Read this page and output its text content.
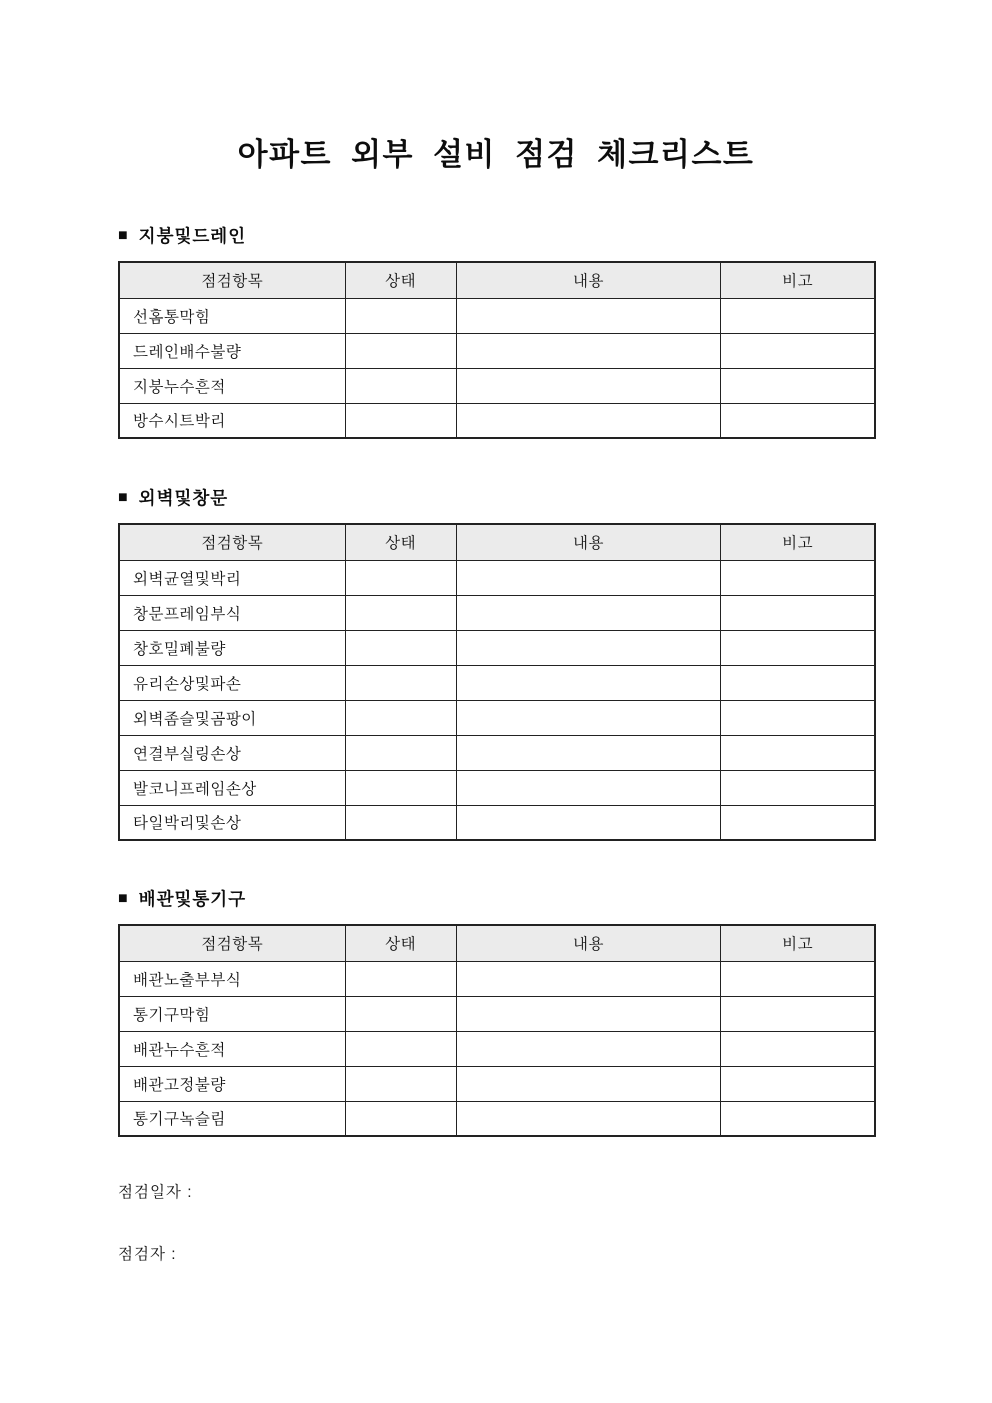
아파트 외부 설비 점검 체크리스트
■ 지붕및드레인
점검항목	상태	내용	비고
선홈통막힘			
드레인배수불량			
지붕누수흔적			
방수시트박리			
■ 외벽및창문
점검항목	상태	내용	비고
외벽균열및박리			
창문프레임부식			
창호밀폐불량			
유리손상및파손			
외벽좀슬및곰팡이			
연결부실링손상			
발코니프레임손상			
타일박리및손상			
■ 배관및통기구
점검항목	상태	내용	비고
배관노출부부식			
통기구막힘			
배관누수흔적			
배관고정불량			
통기구녹슬림			
점검일자 :
점검자 :
